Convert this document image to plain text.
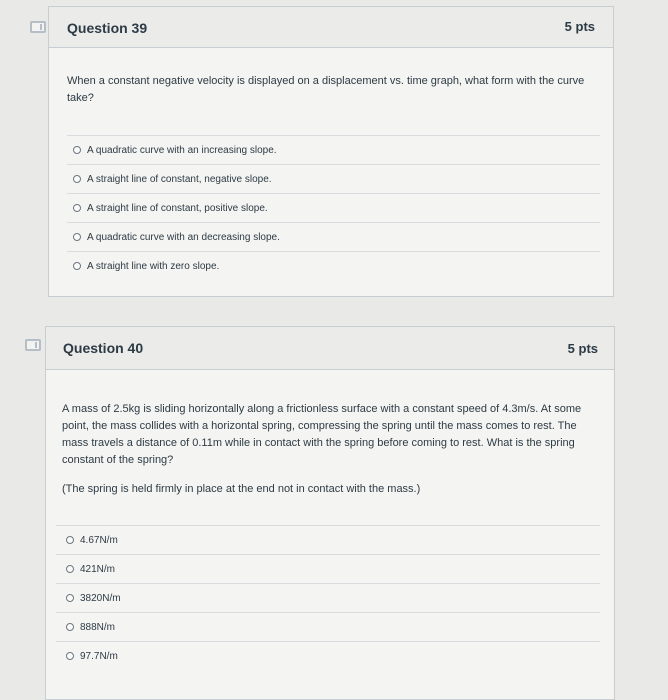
Question 39	5 pts
When a constant negative velocity is displayed on a displacement vs. time graph, what form with the curve take?
A quadratic curve with an increasing slope.
A straight line of constant, negative slope.
A straight line of constant, positive slope.
A quadratic curve with an decreasing slope.
A straight line with zero slope.
Question 40	5 pts
A mass of 2.5kg is sliding horizontally along a frictionless surface with a constant speed of 4.3m/s. At some point, the mass collides with a horizontal spring, compressing the spring until the mass comes to rest. The mass travels a distance of 0.11m while in contact with the spring before coming to rest. What is the spring constant of the spring?
(The spring is held firmly in place at the end not in contact with the mass.)
4.67N/m
421N/m
3820N/m
888N/m
97.7N/m
